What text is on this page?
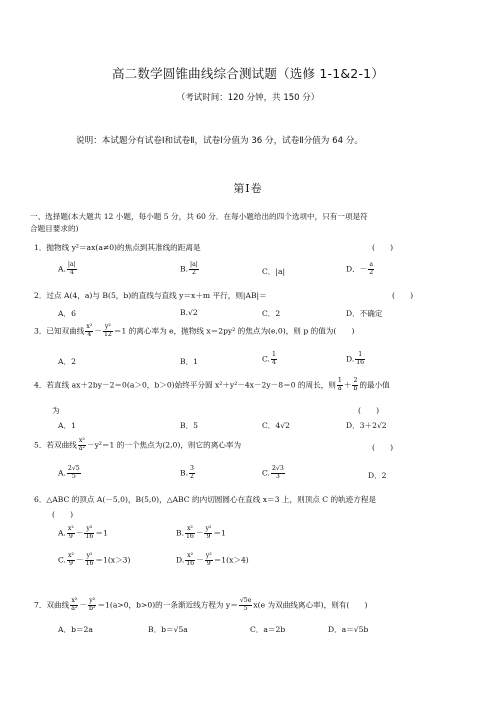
高二数学圆锥曲线综合测试题（选修 1-1&2-1）
（考试时间：120 分钟，共 150 分）
说明：本试题分有试卷Ⅰ和试卷Ⅱ，试卷Ⅰ分值为 36 分，试卷Ⅱ分值为 64 分。
第Ⅰ卷
一、选择题(本大题共 12 小题，每小题 5 分，共 60 分．在每小题给出的四个选项中，只有一项是符
合题目要求的)
1．抛物线 y²＝ax(a≠0)的焦点到其准线的距离是	(　　)
A. $\frac{|a|}{4}$	B. $\frac{|a|}{2}$	C．|a|	D．－ $\frac{a}{2}$
2．过点 A(4，a)与 B(5，b)的直线与直线 y＝x＋m 平行，则|AB|＝	(　　)
A．6	B.√2	C．2	D．不确定
3．已知双曲线 $\frac{\text{x²}}{4} - \frac{\text{y²}}{12} =1$ 的离心率为 e，抛物线 x＝2py² 的焦点为(e,0)，则 p 的值为(　　)
A．2	B．1	C. $\frac{1}{4}$	D. $\frac{1}{16}$
4．若直线 ax＋2by－2＝0(a＞0，b＞0)始终平分圆 x²＋y²－4x－2y－8＝0 的周长，则 $\frac{1}{a} + \frac{2}{b}$ 的最小值
为	(　　)
A．1	B．5	C．4√2	D．3＋2√2
5．若双曲线 $\frac{\text{x²}}{\text{a²}} -y^2=1$ 的一个焦点为(2,0)，则它的离心率为	(　　)
A. $\frac{2√5}{5}$	B. $\frac{3}{2}$	C. $\frac{2√3}{3}$	D．2
6．△ABC 的顶点 A(－5,0)，B(5,0)，△ABC 的内切圆圆心在直线 x＝3 上，则顶点 C 的轨迹方程是
(　　)
A. $\frac{\text{x²}}{9} - \frac{\text{y²}}{16} =1$	B. $\frac{\text{x²}}{16} - \frac{\text{y²}}{9} =1$
C. $\frac{\text{x²}}{9} - \frac{\text{y²}}{16} =1(x>3)$	D. $\frac{\text{x²}}{16} - \frac{\text{y²}}{9} =1(x>4)$
7．双曲线 $\frac{\text{x²}}{\text{a²}} - \frac{\text{y²}}{\text{b²}} =1(a>0$，b>0)的一条渐近线方程为 $y= \frac{√5e}{5} x(e$ 为双曲线离心率)，则有(　　)
A．b＝2a	B．b＝√5a	C．a＝2b	D．a＝√5b
